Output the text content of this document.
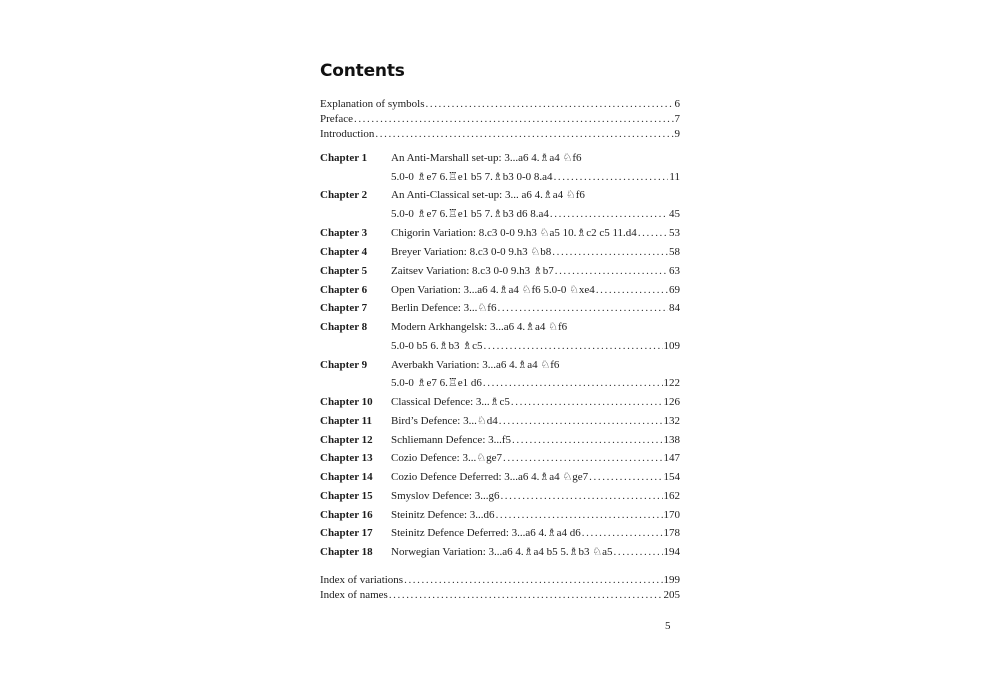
Contents
Explanation of symbols .....	6
Preface .....	7
Introduction .....	9
Chapter 1	An Anti-Marshall set-up: 3...a6 4.♗a4 ♘f6
5.0-0 ♗e7 6.♖e1 b5 7.♗b3 0-0 8.a4 .....	11
Chapter 2	An Anti-Classical set-up: 3... a6 4.♗a4 ♘f6
5.0-0 ♗e7 6.♖e1 b5 7.♗b3 d6 8.a4 .....	45
Chapter 3	Chigorin Variation: 8.c3 0-0 9.h3 ♘a5 10.♗c2 c5 11.d4 .....	53
Chapter 4	Breyer Variation: 8.c3 0-0 9.h3 ♘b8 .....	58
Chapter 5	Zaitsev Variation: 8.c3 0-0 9.h3 ♗b7 .....	63
Chapter 6	Open Variation: 3...a6 4.♗a4 ♘f6 5.0-0 ♘xe4 .....	69
Chapter 7	Berlin Defence: 3...♘f6 .....	84
Chapter 8	Modern Arkhangelsk: 3...a6 4.♗a4 ♘f6
5.0-0 b5 6.♗b3 ♗c5 .....	109
Chapter 9	Averbakh Variation: 3...a6 4.♗a4 ♘f6
5.0-0 ♗e7 6.♖e1 d6 .....	122
Chapter 10	Classical Defence: 3...♗c5 .....	126
Chapter 11	Bird’s Defence: 3...♘d4 .....	132
Chapter 12	Schliemann Defence: 3...f5 .....	138
Chapter 13	Cozio Defence: 3...♘ge7 .....	147
Chapter 14	Cozio Defence Deferred: 3...a6 4.♗a4 ♘ge7 .....	154
Chapter 15	Smyslov Defence: 3...g6 .....	162
Chapter 16	Steinitz Defence: 3...d6 .....	170
Chapter 17	Steinitz Defence Deferred: 3...a6 4.♗a4 d6 .....	178
Chapter 18	Norwegian Variation: 3...a6 4.♗a4 b5 5.♗b3 ♘a5 .....	194
Index of variations .....	199
Index of names .....	205
5
